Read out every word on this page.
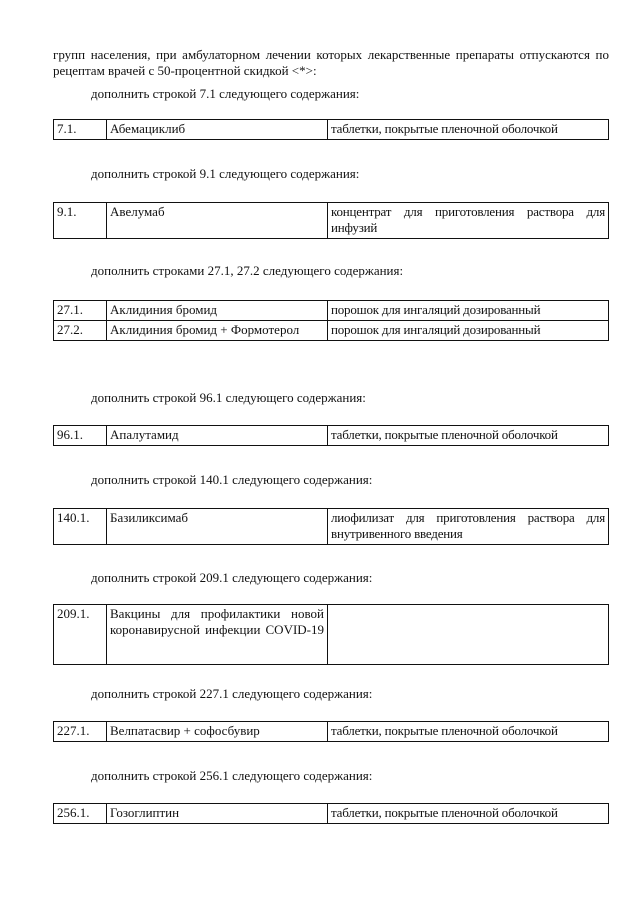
групп населения, при амбулаторном лечении которых лекарственные препараты отпускаются по рецептам врачей с 50-процентной скидкой <*>:

дополнить строкой 7.1 следующего содержания:

7.1.	Абемациклиб	таблетки, покрытые пленочной оболочкой

дополнить строкой 9.1 следующего содержания:

9.1.	Авелумаб	концентрат для приготовления раствора для инфузий

дополнить строками 27.1, 27.2 следующего содержания:

27.1.	Аклидиния бромид	порошок для ингаляций дозированный
27.2.	Аклидиния бромид + Формотерол	порошок для ингаляций дозированный

дополнить строкой 96.1 следующего содержания:

96.1.	Апалутамид	таблетки, покрытые пленочной оболочкой

дополнить строкой 140.1 следующего содержания:

140.1.	Базиликсимаб	лиофилизат для приготовления раствора для внутривенного введения

дополнить строкой 209.1 следующего содержания:

209.1.	Вакцины для профилактики новой коронавирусной инфекции COVID-19	

дополнить строкой 227.1 следующего содержания:

227.1.	Велпатасвир + софосбувир	таблетки, покрытые пленочной оболочкой

дополнить строкой 256.1 следующего содержания:

256.1.	Гозоглиптин	таблетки, покрытые пленочной оболочкой
